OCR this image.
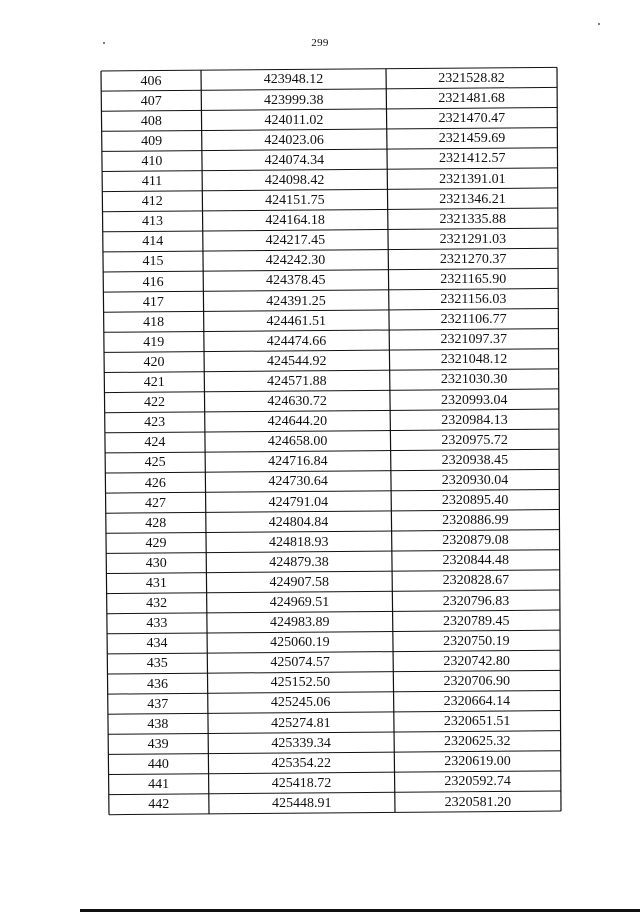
299
406	423948.12	2321528.82
407	423999.38	2321481.68
408	424011.02	2321470.47
409	424023.06	2321459.69
410	424074.34	2321412.57
411	424098.42	2321391.01
412	424151.75	2321346.21
413	424164.18	2321335.88
414	424217.45	2321291.03
415	424242.30	2321270.37
416	424378.45	2321165.90
417	424391.25	2321156.03
418	424461.51	2321106.77
419	424474.66	2321097.37
420	424544.92	2321048.12
421	424571.88	2321030.30
422	424630.72	2320993.04
423	424644.20	2320984.13
424	424658.00	2320975.72
425	424716.84	2320938.45
426	424730.64	2320930.04
427	424791.04	2320895.40
428	424804.84	2320886.99
429	424818.93	2320879.08
430	424879.38	2320844.48
431	424907.58	2320828.67
432	424969.51	2320796.83
433	424983.89	2320789.45
434	425060.19	2320750.19
435	425074.57	2320742.80
436	425152.50	2320706.90
437	425245.06	2320664.14
438	425274.81	2320651.51
439	425339.34	2320625.32
440	425354.22	2320619.00
441	425418.72	2320592.74
442	425448.91	2320581.20
